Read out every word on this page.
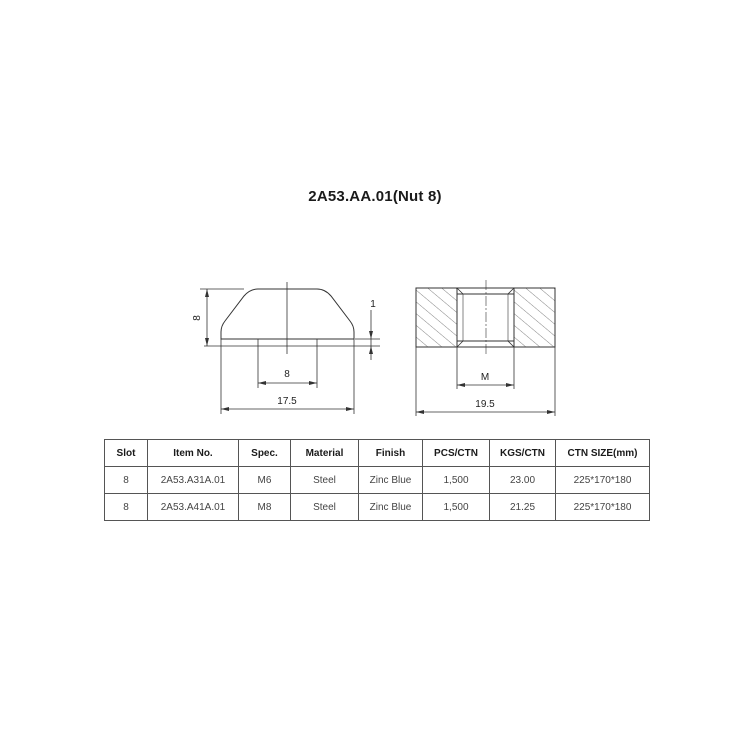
2A53.AA.01(Nut 8)
8
1
8
17.5
M
19.5
Slot	Item No.	Spec.	Material	Finish	PCS/CTN	KGS/CTN	CTN SIZE(mm)
8	2A53.A31A.01	M6	Steel	Zinc Blue	1,500	23.00	225*170*180
8	2A53.A41A.01	M8	Steel	Zinc Blue	1,500	21.25	225*170*180
